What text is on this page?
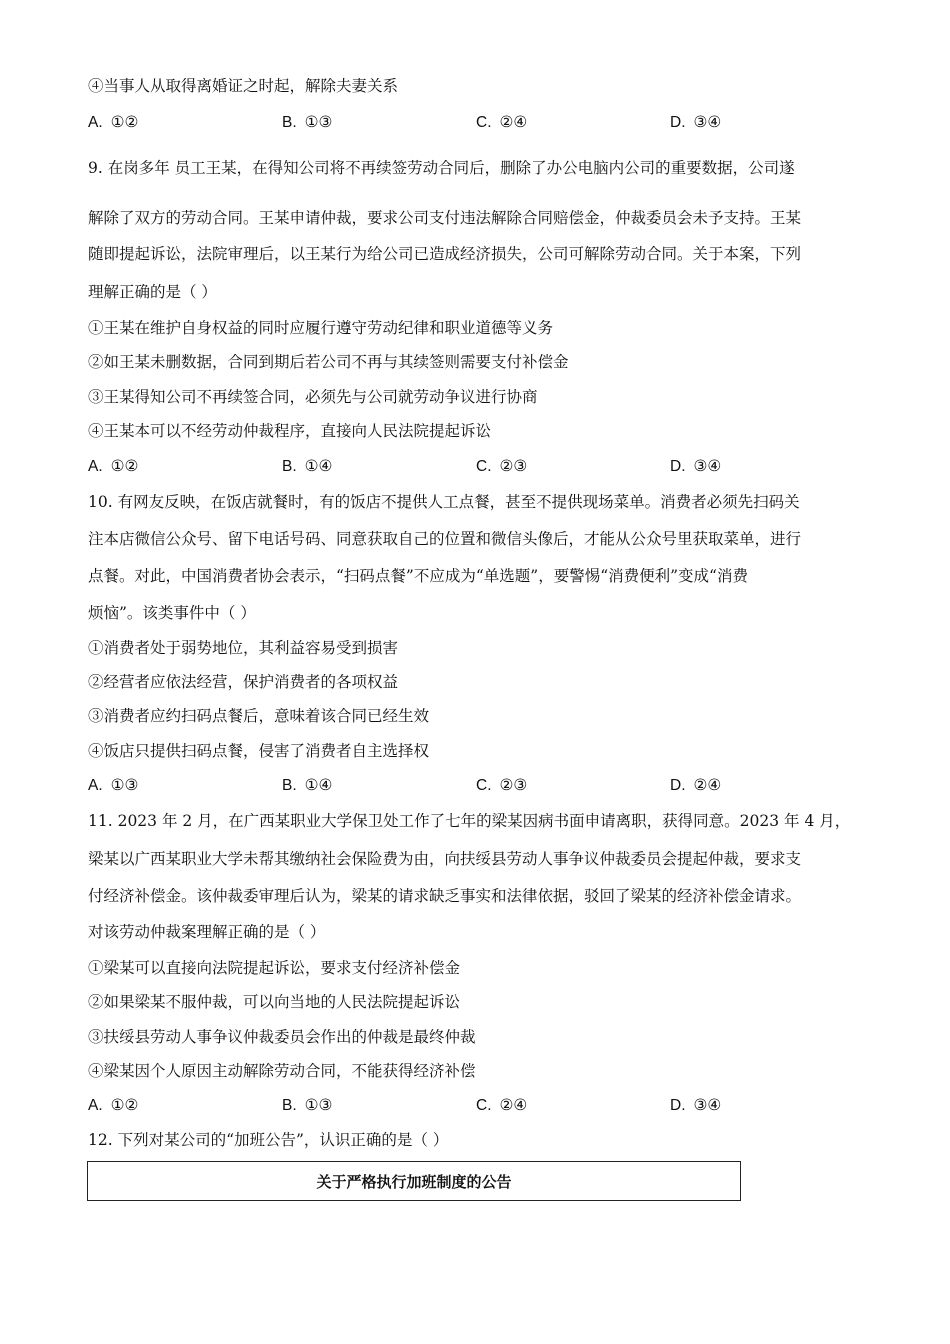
④当事人从取得离婚证之时起，解除夫妻关系
A. ①②	B. ①③	C. ②④	D. ③④
9. 在岗多年 员工王某，在得知公司将不再续签劳动合同后，删除了办公电脑内公司的重要数据，公司遂
解除了双方的劳动合同。王某申请仲裁，要求公司支付违法解除合同赔偿金，仲裁委员会未予支持。王某
随即提起诉讼，法院审理后，以王某行为给公司已造成经济损失，公司可解除劳动合同。关于本案，下列
理解正确的是（ ）
①王某在维护自身权益的同时应履行遵守劳动纪律和职业道德等义务
②如王某未删数据，合同到期后若公司不再与其续签则需要支付补偿金
③王某得知公司不再续签合同，必须先与公司就劳动争议进行协商
④王某本可以不经劳动仲裁程序，直接向人民法院提起诉讼
A. ①②	B. ①④	C. ②③	D. ③④
10. 有网友反映，在饭店就餐时，有的饭店不提供人工点餐，甚至不提供现场菜单。消费者必须先扫码关
注本店微信公众号、留下电话号码、同意获取自己的位置和微信头像后，才能从公众号里获取菜单，进行
点餐。对此，中国消费者协会表示，“扫码点餐”不应成为“单选题”，要警惕“消费便利”变成“消费
烦恼”。该类事件中（ ）
①消费者处于弱势地位，其利益容易受到损害
②经营者应依法经营，保护消费者的各项权益
③消费者应约扫码点餐后，意味着该合同已经生效
④饭店只提供扫码点餐，侵害了消费者自主选择权
A. ①③	B. ①④	C. ②③	D. ②④
11. 2023 年 2 月，在广西某职业大学保卫处工作了七年的梁某因病书面申请离职，获得同意。2023 年 4 月，
梁某以广西某职业大学未帮其缴纳社会保险费为由，向扶绥县劳动人事争议仲裁委员会提起仲裁，要求支
付经济补偿金。该仲裁委审理后认为，梁某的请求缺乏事实和法律依据，驳回了梁某的经济补偿金请求。
对该劳动仲裁案理解正确的是（ ）
①梁某可以直接向法院提起诉讼，要求支付经济补偿金
②如果梁某不服仲裁，可以向当地的人民法院提起诉讼
③扶绥县劳动人事争议仲裁委员会作出的仲裁是最终仲裁
④梁某因个人原因主动解除劳动合同，不能获得经济补偿
A. ①②	B. ①③	C. ②④	D. ③④
12. 下列对某公司的“加班公告”，认识正确的是（ ）
关于严格执行加班制度的公告
